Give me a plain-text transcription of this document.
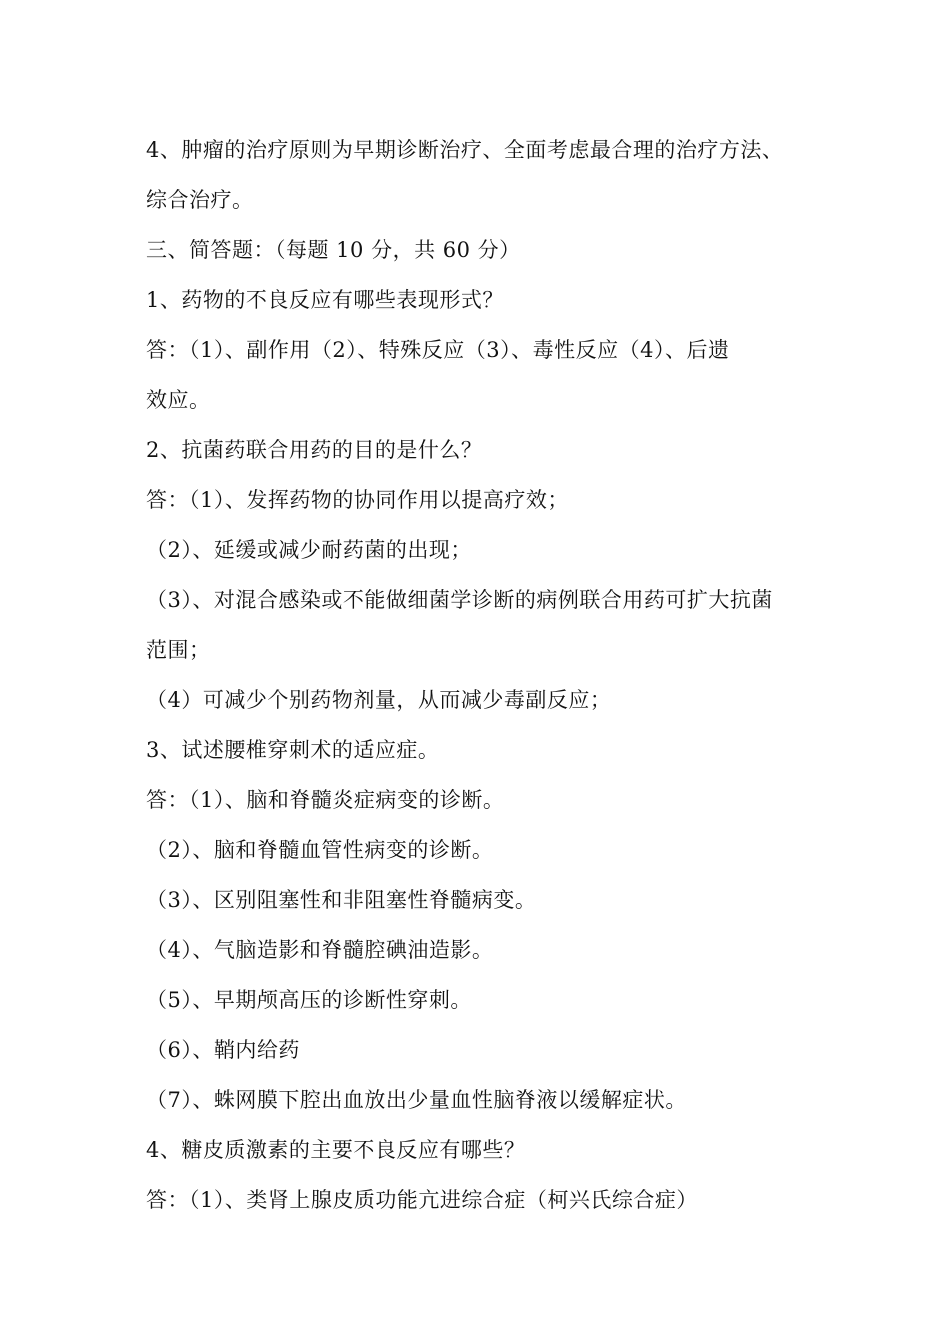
4、肿瘤的治疗原则为早期诊断治疗、全面考虑最合理的治疗方法、
综合治疗。
三、简答题：（每题 10 分，共 60 分）
1、药物的不良反应有哪些表现形式？
答：（1）、副作用（2）、特殊反应（3）、毒性反应（4）、后遗
效应。
2、抗菌药联合用药的目的是什么？
答：（1）、发挥药物的协同作用以提高疗效；
（2）、延缓或减少耐药菌的出现；
（3）、对混合感染或不能做细菌学诊断的病例联合用药可扩大抗菌
范围；
（4）可减少个别药物剂量，从而减少毒副反应；
3、试述腰椎穿刺术的适应症。
答：（1）、脑和脊髓炎症病变的诊断。
（2）、脑和脊髓血管性病变的诊断。
（3）、区别阻塞性和非阻塞性脊髓病变。
（4）、气脑造影和脊髓腔碘油造影。
（5）、早期颅高压的诊断性穿刺。
（6）、鞘内给药
（7）、蛛网膜下腔出血放出少量血性脑脊液以缓解症状。
4、糖皮质激素的主要不良反应有哪些？
答：（1）、类肾上腺皮质功能亢进综合症（柯兴氏综合症）
